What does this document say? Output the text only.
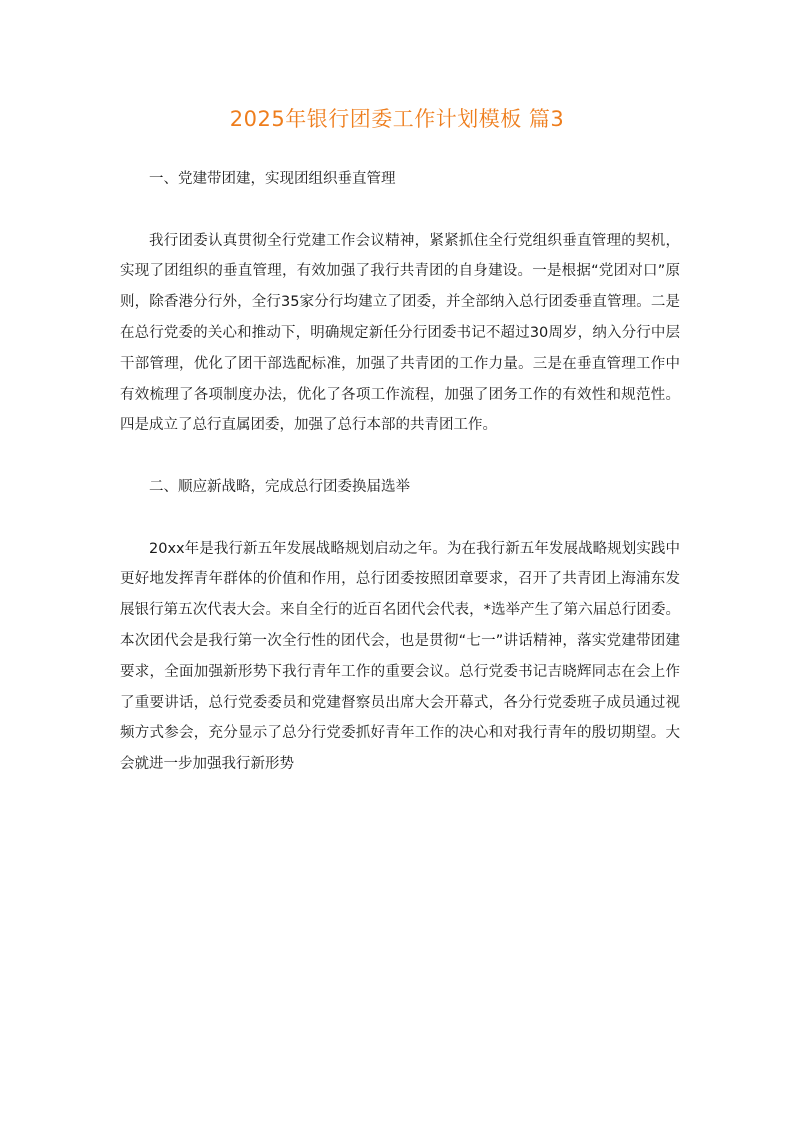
2025年银行团委工作计划模板 篇3

一、党建带团建，实现团组织垂直管理

我行团委认真贯彻全行党建工作会议精神，紧紧抓住全行党组织垂直管理的契机，实现了团组织的垂直管理，有效加强了我行共青团的自身建设。一是根据“党团对口”原则，除香港分行外，全行35家分行均建立了团委，并全部纳入总行团委垂直管理。二是在总行党委的关心和推动下，明确规定新任分行团委书记不超过30周岁，纳入分行中层干部管理，优化了团干部选配标准，加强了共青团的工作力量。三是在垂直管理工作中有效梳理了各项制度办法，优化了各项工作流程，加强了团务工作的有效性和规范性。四是成立了总行直属团委，加强了总行本部的共青团工作。

二、顺应新战略，完成总行团委换届选举

20xx年是我行新五年发展战略规划启动之年。为在我行新五年发展战略规划实践中更好地发挥青年群体的价值和作用，总行团委按照团章要求，召开了共青团上海浦东发展银行第五次代表大会。来自全行的近百名团代会代表，*选举产生了第六届总行团委。本次团代会是我行第一次全行性的团代会，也是贯彻“七一”讲话精神，落实党建带团建要求，全面加强新形势下我行青年工作的重要会议。总行党委书记吉晓辉同志在会上作了重要讲话，总行党委委员和党建督察员出席大会开幕式，各分行党委班子成员通过视频方式参会，充分显示了总分行党委抓好青年工作的决心和对我行青年的殷切期望。大会就进一步加强我行新形势
